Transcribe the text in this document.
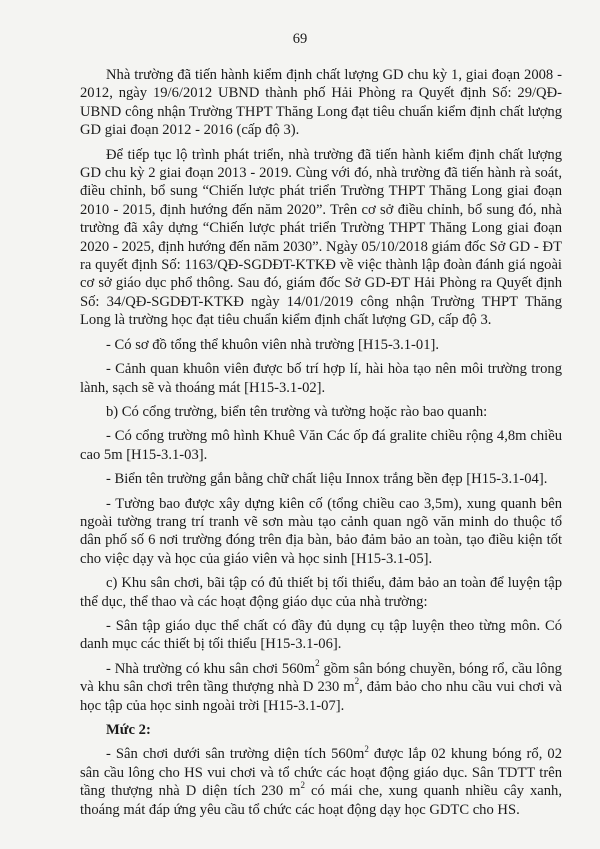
69

Nhà trường đã tiến hành kiểm định chất lượng GD chu kỳ 1, giai đoạn 2008 - 2012, ngày 19/6/2012 UBND thành phố Hải Phòng ra Quyết định Số: 29/QĐ-UBND công nhận Trường THPT Thăng Long đạt tiêu chuẩn kiểm định chất lượng GD giai đoạn 2012 - 2016 (cấp độ 3).

Để tiếp tục lộ trình phát triển, nhà trường đã tiến hành kiểm định chất lượng GD chu kỳ 2 giai đoạn 2013 - 2019. Cùng với đó, nhà trường đã tiến hành rà soát, điều chỉnh, bổ sung “Chiến lược phát triển Trường THPT Thăng Long giai đoạn 2010 - 2015, định hướng đến năm 2020”. Trên cơ sở điều chỉnh, bổ sung đó, nhà trường đã xây dựng “Chiến lược phát triển Trường THPT Thăng Long giai đoạn 2020 - 2025, định hướng đến năm 2030”. Ngày 05/10/2018 giám đốc Sở GD - ĐT ra quyết định Số: 1163/QĐ-SGDĐT-KTKĐ về việc thành lập đoàn đánh giá ngoài cơ sở giáo dục phổ thông. Sau đó, giám đốc Sở GD-ĐT Hải Phòng ra Quyết định Số: 34/QĐ-SGDĐT-KTKĐ ngày 14/01/2019 công nhận Trường THPT Thăng Long là trường học đạt tiêu chuẩn kiểm định chất lượng GD, cấp độ 3.

- Có sơ đồ tổng thể khuôn viên nhà trường [H15-3.1-01].

- Cảnh quan khuôn viên được bố trí hợp lí, hài hòa tạo nên môi trường trong lành, sạch sẽ và thoáng mát [H15-3.1-02].

b) Có cổng trường, biển tên trường và tường hoặc rào bao quanh:

- Có cổng trường mô hình Khuê Văn Các ốp đá gralite chiều rộng 4,8m chiều cao 5m [H15-3.1-03].

- Biển tên trường gắn bằng chữ chất liệu Innox trắng bền đẹp [H15-3.1-04].

- Tường bao được xây dựng kiên cố (tổng chiều cao 3,5m), xung quanh bên ngoài tường trang trí tranh vẽ sơn màu tạo cảnh quan ngõ văn minh do thuộc tổ dân phố số 6 nơi trường đóng trên địa bàn, bảo đảm bảo an toàn, tạo điều kiện tốt cho việc dạy và học của giáo viên và học sinh [H15-3.1-05].

c) Khu sân chơi, bãi tập có đủ thiết bị tối thiểu, đảm bảo an toàn để luyện tập thể dục, thể thao và các hoạt động giáo dục của nhà trường:

- Sân tập giáo dục thể chất có đầy đủ dụng cụ tập luyện theo từng môn. Có danh mục các thiết bị tối thiểu [H15-3.1-06].

- Nhà trường có khu sân chơi $560m^2$ gồm sân bóng chuyền, bóng rổ, cầu lông và khu sân chơi trên tầng thượng nhà D 230 $m^2$, đảm bảo cho nhu cầu vui chơi và học tập của học sinh ngoài trời [H15-3.1-07].

Mức 2:

- Sân chơi dưới sân trường diện tích $560m^2$ được lắp 02 khung bóng rổ, 02 sân cầu lông cho HS vui chơi và tổ chức các hoạt động giáo dục. Sân TDTT trên tầng thượng nhà D diện tích 230 $m^2$ có mái che, xung quanh nhiều cây xanh, thoáng mát đáp ứng yêu cầu tổ chức các hoạt động dạy học GDTC cho HS.
